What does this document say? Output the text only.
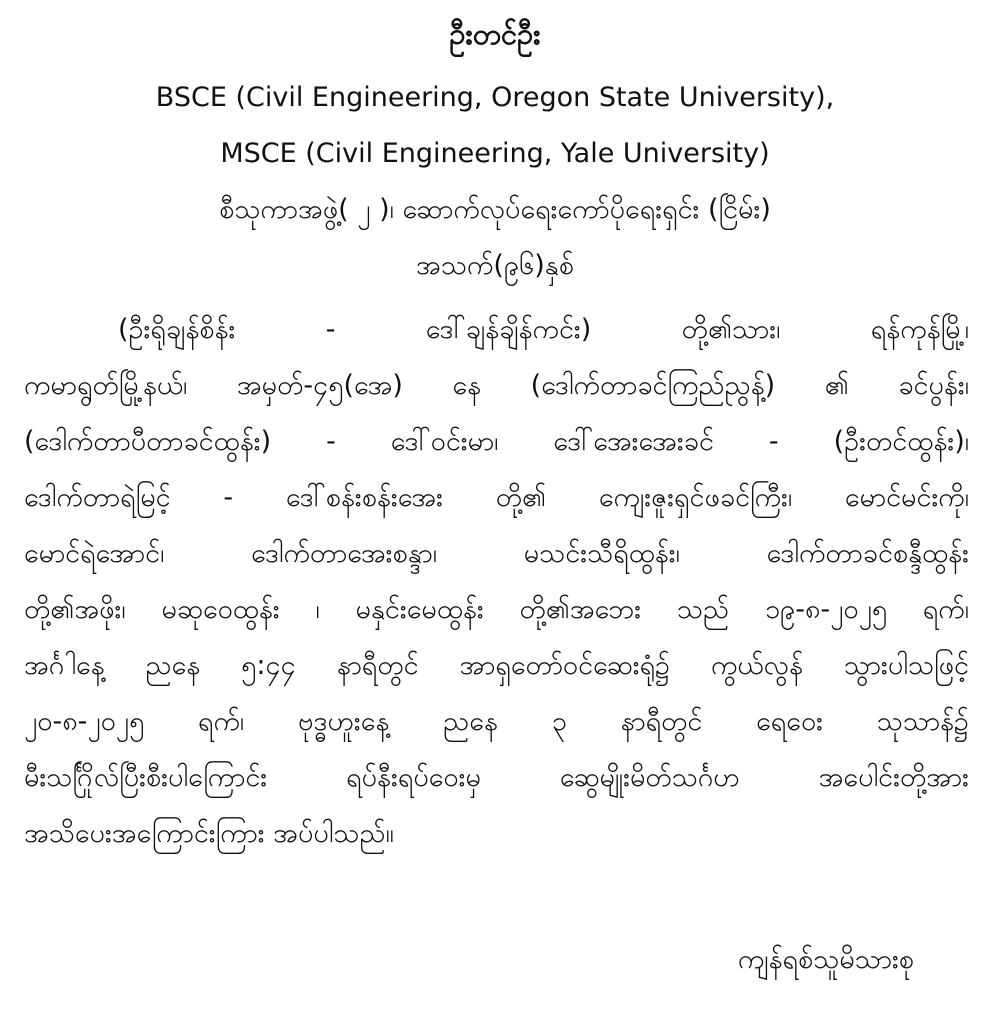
ဦးတင်ဦး
BSCE (Civil Engineering, Oregon State University),
MSCE (Civil Engineering, Yale University)
စီသုကာအဖွဲ့( ၂ )၊ ဆောက်လုပ်ရေးကော်ပိုရေးရှင်း (ငြိမ်း)
အသက်(၉၆)နှစ်
(ဦးရိုချန်စိန်း - ဒေါ်ချန်ချိန်ကင်း) တို့၏သား၊ ရန်ကုန်မြို့၊
ကမာရွတ်မြို့နယ်၊ အမှတ်-၄၅(အေ) နေ (ဒေါက်တာခင်ကြည်ညွန့်) ၏ ခင်ပွန်း၊
(ဒေါက်တာပီတာခင်ထွန်း) - ဒေါ်ဝင်းမာ၊ ဒေါ်အေးအေးခင် - (ဦးတင်ထွန်း)၊
ဒေါက်တာရဲမြင့် - ဒေါ်စန်းစန်းအေး တို့၏ ကျေးဇူးရှင်ဖခင်ကြီး၊ မောင်မင်းကို၊
မောင်ရဲအောင်၊ ဒေါက်တာအေးစန္ဒာ၊ မသင်းသီရိထွန်း၊ ဒေါက်တာခင်စန္ဒီထွန်း
တို့၏အဖိုး၊ မဆုဝေထွန်း ၊ မနှင်းမေထွန်း တို့၏အဘေး သည် ၁၉-၈-၂၀၂၅ ရက်၊
အင်္ဂါနေ့ ညနေ ၅:၄၄ နာရီတွင် အာရှတော်ဝင်ဆေးရုံ၌ ကွယ်လွန် သွားပါသဖြင့်
၂၀-၈-၂၀၂၅ ရက်၊ ဗုဒ္ဓဟူးနေ့ ညနေ ၃ နာရီတွင် ရေဝေး သုသာန်၌
မီးသင်္ဂြိုလ်ပြီးစီးပါကြောင်း ရပ်နီးရပ်ဝေးမှ ဆွေမျိုးမိတ်သင်္ဂဟ အပေါင်းတို့အား
အသိပေးအကြောင်းကြား အပ်ပါသည်။
ကျန်ရစ်သူမိသားစု
